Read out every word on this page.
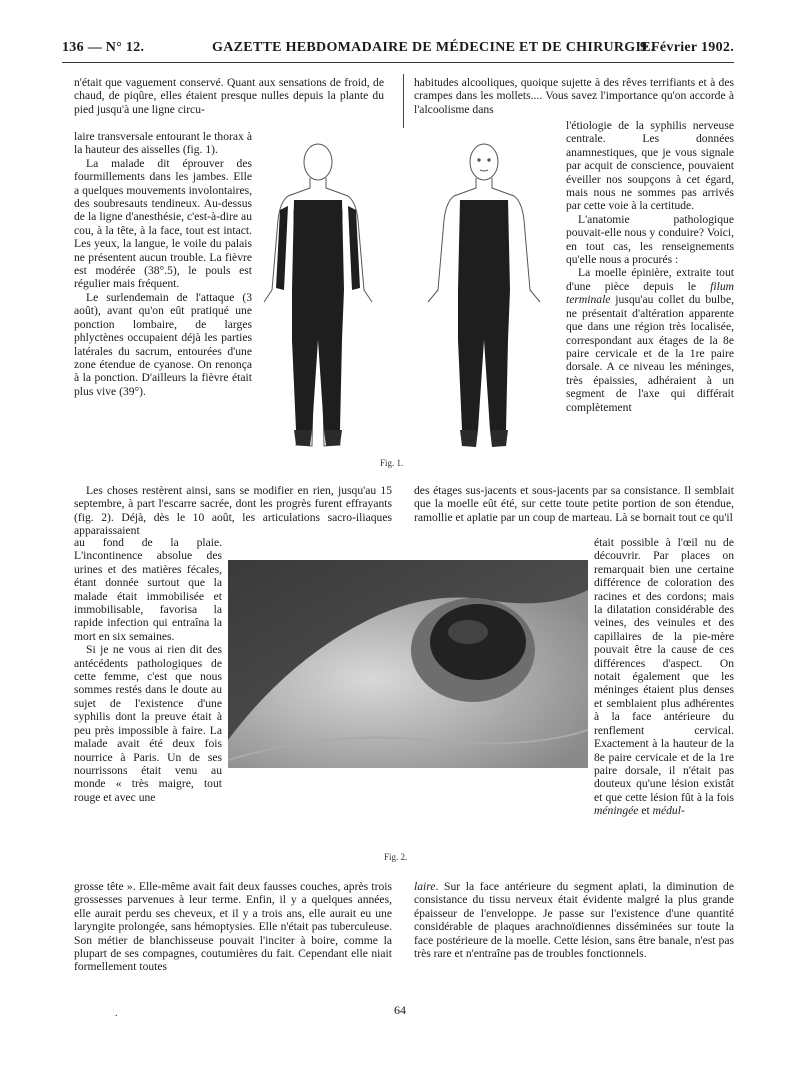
136 — N° 12.	GAZETTE HEBDOMADAIRE DE MÉDECINE ET DE CHIRURGIE.
9 Février 1902.

n'était que vaguement conservé. Quant aux sensations de froid, de chaud, de piqûre, elles étaient presque nulles depuis la plante du pied jusqu'à une ligne circu-

laire transversale entourant le thorax à la hauteur des aisselles (fig. 1).

La malade dit éprouver des fourmillements dans les jambes. Elle a quelques mouvements involontaires, des soubresauts tendineux. Au-dessus de la ligne d'anesthésie, c'est-à-dire au cou, à la tête, à la face, tout est intact. Les yeux, la langue, le voile du palais ne présentent aucun trouble. La fièvre est modérée (38°.5), le pouls est régulier mais fréquent.

Le surlendemain de l'attaque (3 août), avant qu'on eût pratiqué une ponction lombaire, de larges phlyctènes occupaient déjà les parties latérales du sacrum, entourées d'une zone étendue de cyanose. On renonça à la ponction. D'ailleurs la fièvre était plus vive (39°).

habitudes alcooliques, quoique sujette à des rêves terrifiants et à des crampes dans les mollets.... Vous savez l'importance qu'on accorde à l'alcoolisme dans

l'étiologie de la syphilis nerveuse centrale. Les données anamnestiques, que je vous signale par acquit de conscience, pouvaient éveiller nos soupçons à cet égard, mais nous ne sommes pas arrivés par cette voie à la certitude.

L'anatomie pathologique pouvait-elle nous y conduire? Voici, en tout cas, les renseignements qu'elle nous a procurés :

La moelle épinière, extraite tout d'une pièce depuis le filum terminale jusqu'au collet du bulbe, ne présentait d'altération apparente que dans une région très localisée, correspondant aux étages de la 8e paire cervicale et de la 1re paire dorsale. A ce niveau les méninges, très épaissies, adhéraient à un segment de l'axe qui différait complètement

Fig. 1.

Les choses restèrent ainsi, sans se modifier en rien, jusqu'au 15 septembre, à part l'escarre sacrée, dont les progrès furent effrayants (fig. 2). Déjà, dès le 10 août, les articulations sacro-iliaques apparaissaient

au fond de la plaie. L'incontinence absolue des urines et des matières fécales, étant donnée surtout que la malade était immobilisée et immobilisable, favorisa la rapide infection qui entraîna la mort en six semaines.

Si je ne vous ai rien dit des antécédents pathologiques de cette femme, c'est que nous sommes restés dans le doute au sujet de l'existence d'une syphilis dont la preuve était à peu près impossible à faire. La malade avait été deux fois nourrice à Paris. Un de ses nourrissons était venu au monde « très maigre, tout rouge et avec une

grosse tête ». Elle-même avait fait deux fausses couches, après trois grossesses parvenues à leur terme. Enfin, il y a quelques années, elle aurait perdu ses cheveux, et il y a trois ans, elle aurait eu une laryngite prolongée, sans hémoptysies. Elle n'était pas tuberculeuse. Son métier de blanchisseuse pouvait l'inciter à boire, comme la plupart de ses compagnes, coutumières du fait. Cependant elle niait formellement toutes

des étages sus-jacents et sous-jacents par sa consistance. Il semblait que la moelle eût été, sur cette toute petite portion de son étendue, ramollie et aplatie par un coup de marteau. Là se bornait tout ce qu'il

était possible à l'œil nu de découvrir. Par places on remarquait bien une certaine différence de coloration des racines et des cordons; mais la dilatation considérable des veines, des veinules et des capillaires de la pie-mère pouvait être la cause de ces différences d'aspect. On notait également que les méninges étaient plus denses et semblaient plus adhérentes à la face antérieure du renflement cervical. Exactement à la hauteur de la 8e paire cervicale et de la 1re paire dorsale, il n'était pas douteux qu'une lésion existât et que cette lésion fût à la fois méningée et médul-

laire. Sur la face antérieure du segment aplati, la diminution de consistance du tissu nerveux était évidente malgré la plus grande épaisseur de l'enveloppe. Je passe sur l'existence d'une quantité considérable de plaques arachnoïdiennes disséminées sur toute la face postérieure de la moelle. Cette lésion, sans être banale, n'est pas très rare et n'entraîne pas de troubles fonctionnels.

Fig. 2.
.	64
